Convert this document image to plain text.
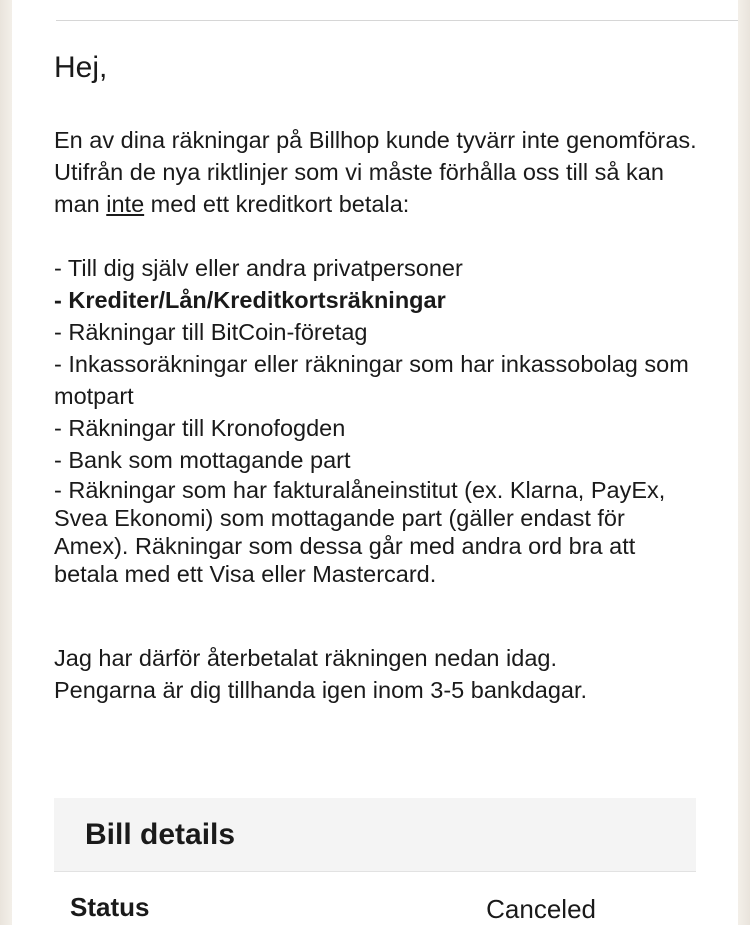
Hej,

En av dina räkningar på Billhop kunde tyvärr inte genomföras.

Utifrån de nya riktlinjer som vi måste förhålla oss till så kan man inte med ett kreditkort betala:

- Till dig själv eller andra privatpersoner
- Krediter/Lån/Kreditkortsräkningar
- Räkningar till BitCoin-företag
- Inkassoräkningar eller räkningar som har inkassobolag som motpart
- Räkningar till Kronofogden
- Bank som mottagande part
- Räkningar som har fakturalåneinstitut (ex. Klarna, PayEx, Svea Ekonomi) som mottagande part (gäller endast för Amex). Räkningar som dessa går med andra ord bra att betala med ett Visa eller Mastercard.

Jag har därför återbetalat räkningen nedan idag.

Pengarna är dig tillhanda igen inom 3-5 bankdagar.

Bill details
Status	Canceled
